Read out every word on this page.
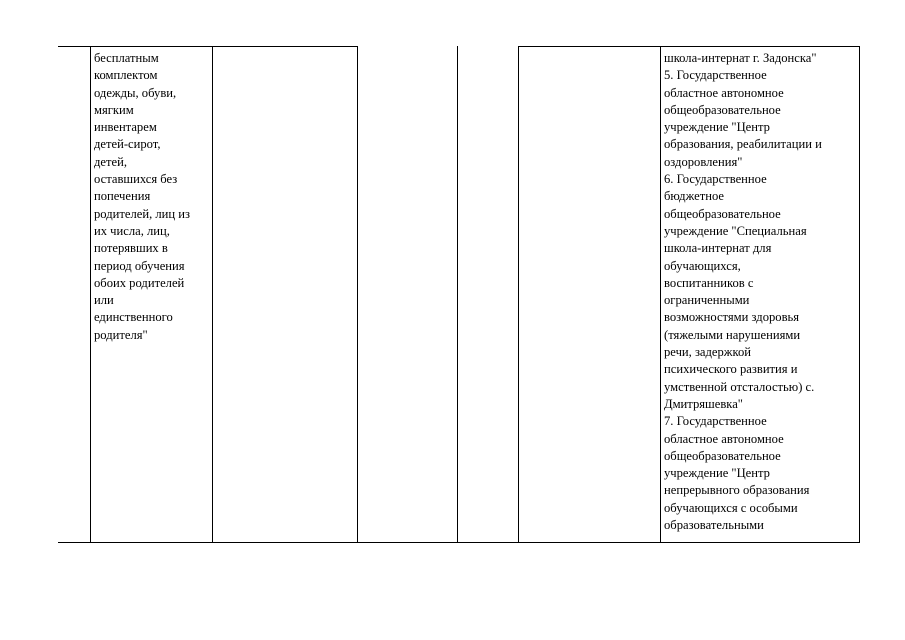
бесплатным
комплектом
одежды, обуви,
мягким
инвентарем
детей-сирот,
детей,
оставшихся без
попечения
родителей, лиц из
их числа, лиц,
потерявших в
период обучения
обоих родителей
или
единственного
родителя"
школа-интернат г. Задонска"
5. Государственное
областное автономное
общеобразовательное
учреждение "Центр
образования, реабилитации и
оздоровления"
6. Государственное
бюджетное
общеобразовательное
учреждение "Специальная
школа-интернат для
обучающихся,
воспитанников с
ограниченными
возможностями здоровья
(тяжелыми нарушениями
речи, задержкой
психического развития и
умственной отсталостью) с.
Дмитряшевка"
7. Государственное
областное автономное
общеобразовательное
учреждение "Центр
непрерывного образования
обучающихся с особыми
образовательными
